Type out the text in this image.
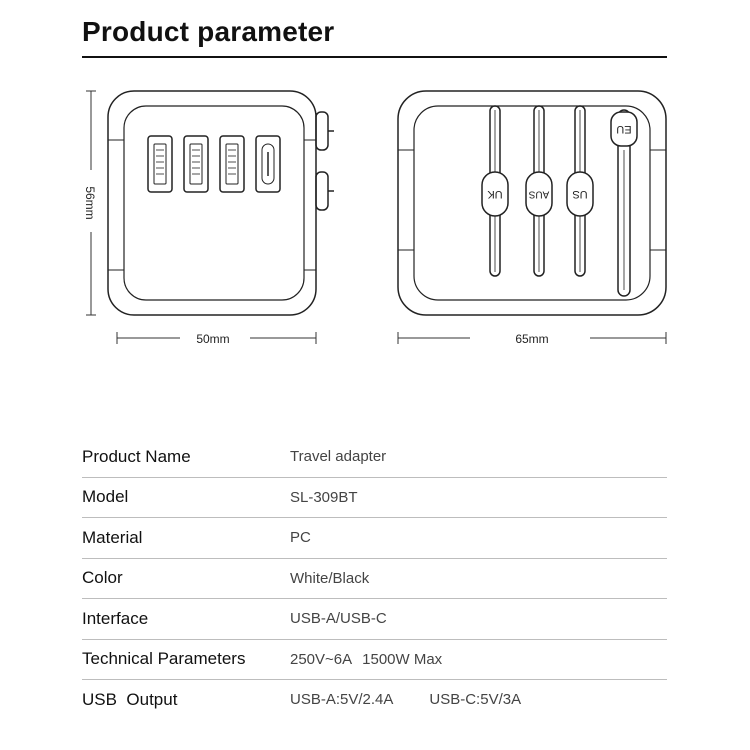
Product parameter
56mm
50mm
UK	AUS US
EU
65mm
Product Name	Travel adapter
Model	SL-309BT
Material	PC
Color	White/Black
Interface	USB-A/USB-C
Technical Parameters	250V~6A 1500W Max
USB  Output	USB-A:5V/2.4A USB-C:5V/3A
